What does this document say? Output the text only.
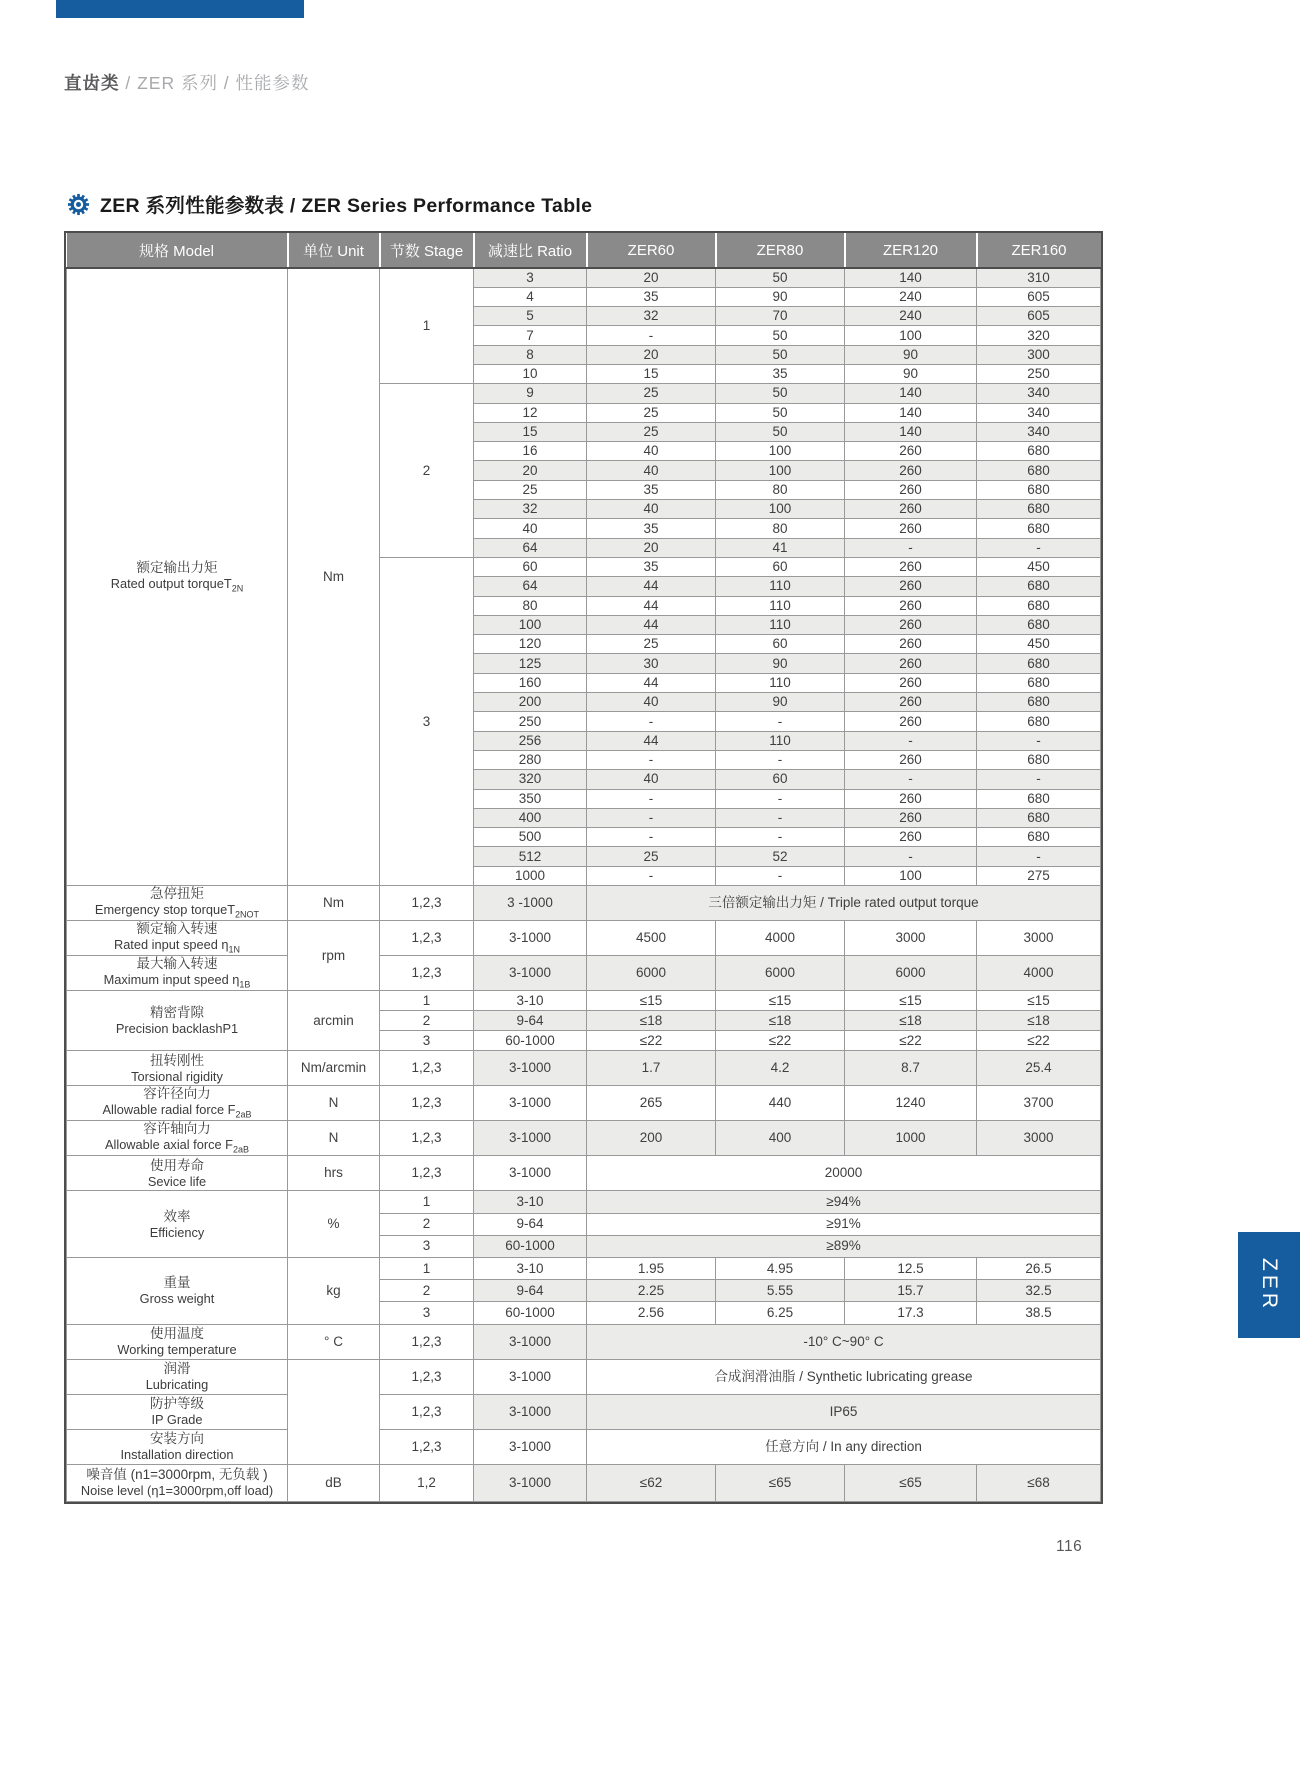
直齿类 / ZER 系列 / 性能参数
ZER 系列性能参数表 / ZER Series Performance Table
规格 Model	单位 Unit	节数 Stage	减速比 Ratio	ZER60	ZER80	ZER120	ZER160

额定输出力矩
Rated output torqueT$_{2N}$	Nm	1	3	20	50	140	310
			4	35	90	240	605
			5	32	70	240	605
			7	-	50	100	320
			8	20	50	90	300
			10	15	35	90	250
		2	9	25	50	140	340
			12	25	50	140	340
			15	25	50	140	340
			16	40	100	260	680
			20	40	100	260	680
			25	35	80	260	680
			32	40	100	260	680
			40	35	80	260	680
			64	20	41	-	-
		3	60	35	60	260	450
			64	44	110	260	680
			80	44	110	260	680
			100	44	110	260	680
			120	25	60	260	450
			125	30	90	260	680
			160	44	110	260	680
			200	40	90	260	680
			250	-	-	260	680
			256	44	110	-	-
			280	-	-	260	680
			320	40	60	-	-
			350	-	-	260	680
			400	-	-	260	680
			500	-	-	260	680
			512	25	52	-	-
			1000	-	-	100	275

急停扭矩
Emergency stop torqueT$_{2NOT}$	Nm	1,2,3	3 -1000	三倍额定输出力矩 / Triple rated output torque			

额定输入转速
Rated input speed $\eta_{1N}$	rpm	1,2,3	3-1000	4500	4000	3000	3000

最大输入转速
Maximum input speed $\eta_{1B}$		1,2,3	3-1000	6000	6000	6000	4000

精密背隙
Precision backlashP1	arcmin	1	3-10	≤15	≤15	≤15	≤15
		2	9-64	≤18	≤18	≤18	≤18
		3	60-1000	≤22	≤22	≤22	≤22

扭转刚性
Torsional rigidity	Nm/arcmin	1,2,3	3-1000	1.7	4.2	8.7	25.4

容许径向力
Allowable radial force $F_{2aB}$	N	1,2,3	3-1000	265	440	1240	3700

容许轴向力
Allowable axial force $F_{2aB}$	N	1,2,3	3-1000	200	400	1000	3000

使用寿命
Sevice life	hrs	1,2,3	3-1000	20000			

效率
Efficiency	%	1	3-10	≥94%			
		2	9-64	≥91%			
		3	60-1000	≥89%			

重量
Gross weight	kg	1	3-10	1.95	4.95	12.5	26.5
		2	9-64	2.25	5.55	15.7	32.5
		3	60-1000	2.56	6.25	17.3	38.5

使用温度
Working temperature	° C	1,2,3	3-1000	-10° C~90° C			

润滑
Lubricating		1,2,3	3-1000	合成润滑油脂 / Synthetic lubricating grease			

防护等级
IP Grade		1,2,3	3-1000	IP65			

安装方向
Installation direction		1,2,3	3-1000	任意方向 / In any direction			

噪音值 (n1=3000rpm, 无负载 )
Noise level (η1=3000rpm,off load)	dB	1,2	3-1000	≤62	≤65	≤65	≤68
ZER
116
